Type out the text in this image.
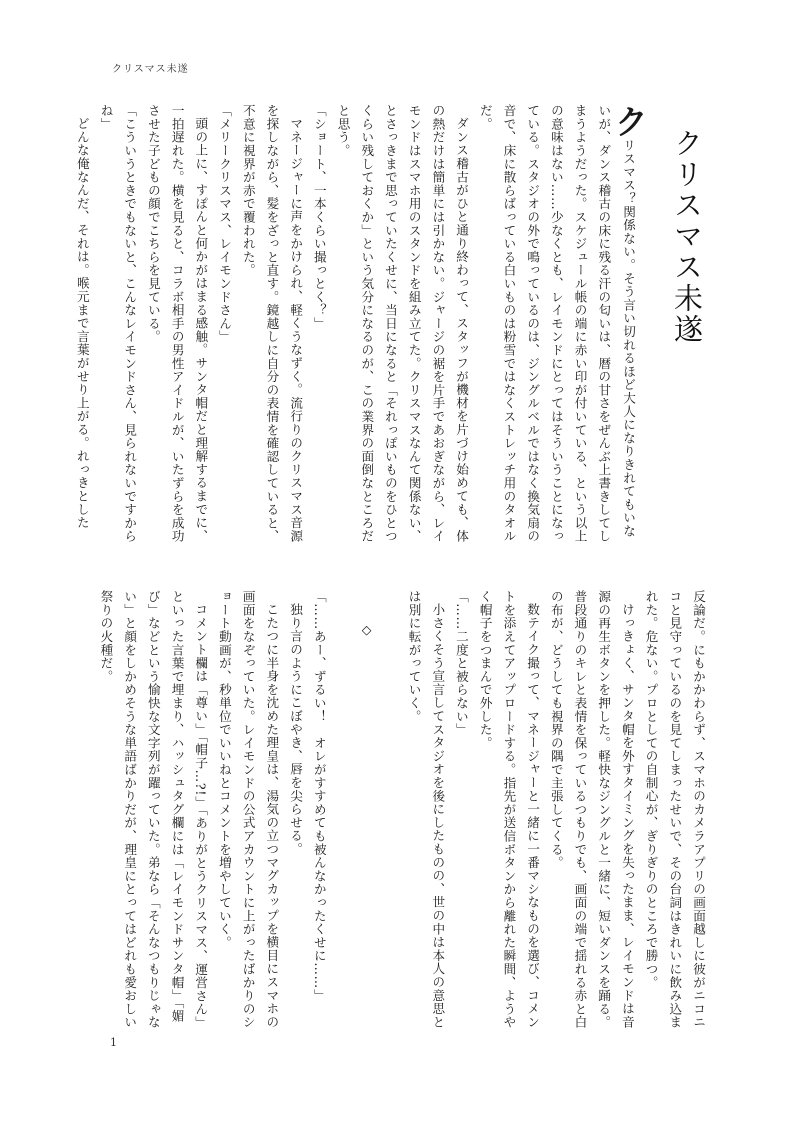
クリスマス未遂
クリスマス未遂

クリスマス？関係ない。そう言い切れるほど大人になりきれてもいないが、ダンス稽古の床に残る汗の匂いは、暦の甘さをぜんぶ上書きしてしまうようだった。スケジュール帳の端に赤い印が付いている、という以上の意味はない……少なくとも、レイモンドにとってはそういうことになっている。スタジオの外で鳴っているのは、ジングルベルではなく換気扇の音で、床に散らばっている白いものは粉雪ではなくストレッチ用のタオルだ。

ダンス稽古がひと通り終わって、スタッフが機材を片づけ始めても、体の熱だけは簡単には引かない。ジャージの裾を片手であおぎながら、レイモンドはスマホ用のスタンドを組み立てた。クリスマスなんて関係ない、とさっきまで思っていたくせに、当日になると「それっぽいものをひとつくらい残しておくか」という気分になるのが、この業界の面倒なところだと思う。

「ショート、一本くらい撮っとく？」

マネージャーに声をかけられ、軽くうなずく。流行りのクリスマス音源を探しながら、髪をざっと直す。鏡越しに自分の表情を確認していると、不意に視界が赤で覆われた。

「メリークリスマス、レイモンドさん」

頭の上に、すぽんと何かがはまる感触。サンタ帽だと理解するまでに、一拍遅れた。横を見ると、コラボ相手の男性アイドルが、いたずらを成功させた子どもの顔でこちらを見ている。

「こういうときでもないと、こんなレイモンドさん、見られないですからね」

どんな俺なんだ、それは。喉元まで言葉がせり上がる。れっきとした

反論だ。にもかかわらず、スマホのカメラアプリの画面越しに彼がニコニコと見守っているのを見てしまったせいで、その台詞はきれいに飲み込まれた。危ない。プロとしての自制心が、ぎりぎりのところで勝つ。

けっきょく、サンタ帽を外すタイミングを失ったまま、レイモンドは音源の再生ボタンを押した。軽快なジングルと一緒に、短いダンスを踊る。普段通りのキレと表情を保っているつもりでも、画面の端で揺れる赤と白の布が、どうしても視界の隅で主張してくる。

数テイク撮って、マネージャーと一緒に一番マシなものを選び、コメントを添えてアップロードする。指先が送信ボタンから離れた瞬間、ようやく帽子をつまんで外した。

「……二度と被らない」

小さくそう宣言してスタジオを後にしたものの、世の中は本人の意思とは別に転がっていく。

◇

「……あー、ずるい！　オレがすすめても被んなかったくせに……」

独り言のようにこぼやき、唇を尖らせる。

こたつに半身を沈めた理皇は、湯気の立つマグカップを横目にスマホの画面をなぞっていた。レイモンドの公式アカウントに上がったばかりのショート動画が、秒単位でいいねとコメントを増やしていく。

コメント欄は「尊い」「帽子…?!」「ありがとうクリスマス、運営さん」といった言葉で埋まり、ハッシュタグ欄には「レイモンドサンタ帽」「媚び」などという愉快な文字列が躍っていた。弟なら「そんなつもりじゃない」と顔をしかめそうな単語ばかりだが、理皇にとってはどれも愛おしい祭りの火種だ。

1
